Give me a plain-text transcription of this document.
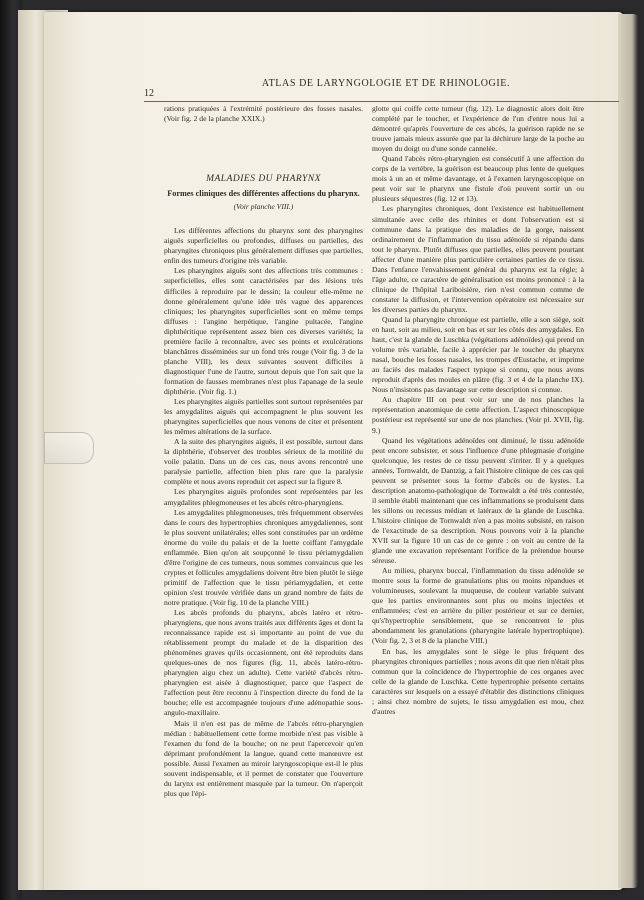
12
ATLAS DE LARYNGOLOGIE ET DE RHINOLOGIE.

rations pratiquées à l'extrémité postérieure des fosses nasales. (Voir fig. 2 de la planche XXIX.)

MALADIES DU PHARYNX
Formes cliniques des différentes affections du pharynx.
(Voir planche VIII.)

Les différentes affections du pharynx sont des pharyngites aiguës superficielles ou profondes, diffuses ou partielles, des pharyngites chroniques plus généralement diffuses que partielles, enfin des tumeurs d'origine très variable.

Les pharyngites aiguës sont des affections très communes : superficielles, elles sont caractérisées par des lésions très difficiles à reproduire par le dessin; la couleur elle-même ne donne généralement qu'une idée très vague des apparences cliniques; les pharyngites superficielles sont en même temps diffuses : l'angine herpétique, l'angine pultacée, l'angine diphthéritique représentent assez bien ces diverses variétés; la première facile à reconnaître, avec ses points et exulcérations blanchâtres disséminées sur un fond très rouge (Voir fig. 3 de la planche VIII), les deux suivantes souvent difficiles à diagnostiquer l'une de l'autre, surtout depuis que l'on sait que la formation de fausses membranes n'est plus l'apanage de la seule diphthérie. (Voir fig. 1.)

Les pharyngites aiguës partielles sont surtout représentées par les amygdalites aiguës qui accompagnent le plus souvent les pharyngites superficielles que nous venons de citer et présentent les mêmes altérations de la surface.

A la suite des pharyngites aiguës, il est possible, surtout dans la diphthérie, d'observer des troubles sérieux de la motilité du voile palatin. Dans un de ces cas, nous avons rencontré une paralysie partielle, affection bien plus rare que la paralysie complète et nous avons reproduit cet aspect sur la figure 8.

Les pharyngites aiguës profondes sont représentées par les amygdalites phlegmoneuses et les abcès rétro-pharyngiens.

Les amygdalites phlegmoneuses, très fréquemment observées dans le cours des hypertrophies chroniques amygdaliennes, sont le plus souvent unilatérales; elles sont constituées par un œdème énorme du voile du palais et de la luette coiffant l'amygdale enflammée. Bien qu'on ait soupçonné le tissu périamygdalien d'être l'origine de ces tumeurs, nous sommes convaincus que les cryptes et follicules amygdaliens doivent être bien plutôt le siège primitif de l'affection que le tissu périamygdalien, et cette opinion s'est trouvée vérifiée dans un grand nombre de faits de notre pratique. (Voir fig. 10 de la planche VIII.)

Les abcès profonds du pharynx, abcès latéro et rétro-pharyngiens, que nous avons traités aux différents âges et dont la reconnaissance rapide est si importante au point de vue du rétablissement prompt du malade et de la disparition des phénomènes graves qu'ils occasionnent, ont été reproduits dans quelques-unes de nos figures (fig. 11, abcès latéro-rétro-pharyngien aigu chez un adulte). Cette variété d'abcès rétro-pharyngien est aisée à diagnostiquer, parce que l'aspect de l'affection peut être reconnu à l'inspection directe du fond de la bouche; elle est accompagnée toujours d'une adénopathie sous-angulo-maxillaire.

Mais il n'en est pas de même de l'abcès rétro-pharyngien médian : habituellement cette forme morbide n'est pas visible à l'examen du fond de la bouche; on ne peut l'apercevoir qu'en déprimant profondément la langue, quand cette manœuvre est possible. Aussi l'examen au miroir laryngoscopique est-il le plus souvent indispensable, et il permet de constater que l'ouverture du larynx est entièrement masquée par la tumeur. On n'aperçoit plus que l'épi-

glotte qui coiffe cette tumeur (fig. 12). Le diagnostic alors doit être complété par le toucher, et l'expérience de l'un d'entre nous lui a démontré qu'après l'ouverture de ces abcès, la guérison rapide ne se trouve jamais mieux assurée que par la déchirure large de la poche au moyen du doigt ou d'une sonde cannelée.

Quand l'abcès rétro-pharyngien est consécutif à une affection du corps de la vertèbre, la guérison est beaucoup plus lente de quelques mois à un an et même davantage, et à l'examen laryngoscopique on peut voir sur le pharynx une fistule d'où peuvent sortir un ou plusieurs séquestres (fig. 12 et 13).

Les pharyngites chroniques, dont l'existence est habituellement simultanée avec celle des rhinites et dont l'observation est si commune dans la pratique des maladies de la gorge, naissent ordinairement de l'inflammation du tissu adénoïde si répandu dans tout le pharynx. Plutôt diffuses que partielles, elles peuvent pourtant affecter d'une manière plus particulière certaines parties de ce tissu. Dans l'enfance l'envahissement général du pharynx est la règle; à l'âge adulte, ce caractère de généralisation est moins prononcé : à la clinique de l'hôpital Lariboisière, rien n'est commun comme de constater la diffusion, et l'intervention opératoire est nécessaire sur les diverses parties du pharynx.

Quand la pharyngite chronique est partielle, elle a son siège, soit en haut, soit au milieu, soit en bas et sur les côtés des amygdales. En haut, c'est la glande de Luschka (végétations adénoïdes) qui prend un volume très variable, facile à apprécier par le toucher du pharynx nasal, bouche les fosses nasales, les trompes d'Eustache, et imprime au faciès des malades l'aspect typique si connu, que nous avons reproduit d'après des moules en plâtre (fig. 3 et 4 de la planche IX). Nous n'insistons pas davantage sur cette description si connue.

Au chapitre III on peut voir sur une de nos planches la représentation anatomique de cette affection. L'aspect rhinoscopique postérieur est représenté sur une de nos planches. (Voir pl. XVII, fig. 9.)

Quand les végétations adénoïdes ont diminué, le tissu adénoïde peut encore subsister, et sous l'influence d'une phlegmasie d'origine quelconque, les restes de ce tissu peuvent s'irriter. Il y a quelques années, Tornwaldt, de Dantzig, a fait l'histoire clinique de ces cas qui peuvent se présenter sous la forme d'abcès ou de kystes. La description anatomo-pathologique de Tornwaldt a été très contestée, il semble établi maintenant que ces inflammations se produisent dans les sillons ou recessus médian et latéraux de la glande de Luschka. L'histoire clinique de Tornwaldt n'en a pas moins subsisté, en raison de l'exactitude de sa description. Nous pouvons voir à la planche XVII sur la figure 10 un cas de ce genre : on voit au centre de la glande une excavation représentant l'orifice de la prétendue bourse séreuse.

Au milieu, pharynx buccal, l'inflammation du tissu adénoïde se montre sous la forme de granulations plus ou moins répandues et volumineuses, soulevant la muqueuse, de couleur variable suivant que les parties environnantes sont plus ou moins injectées et enflammées; c'est en arrière du pilier postérieur et sur ce dernier, qu's'hypertrophie sensiblement, que se rencontrent le plus abondamment les granulations (pharyngite latérale hypertrophique). (Voir fig. 2, 3 et 8 de la planche VIII.)

En bas, les amygdales sont le siège le plus fréquent des pharyngites chroniques partielles ; nous avons dit que rien n'était plus commun que la coïncidence de l'hypertrophie de ces organes avec celle de la glande de Luschka. Cette hypertrophie présente certains caractères sur lesquels on a essayé d'établir des distinctions cliniques ; ainsi chez nombre de sujets, le tissu amygdalien est mou, chez d'autres
